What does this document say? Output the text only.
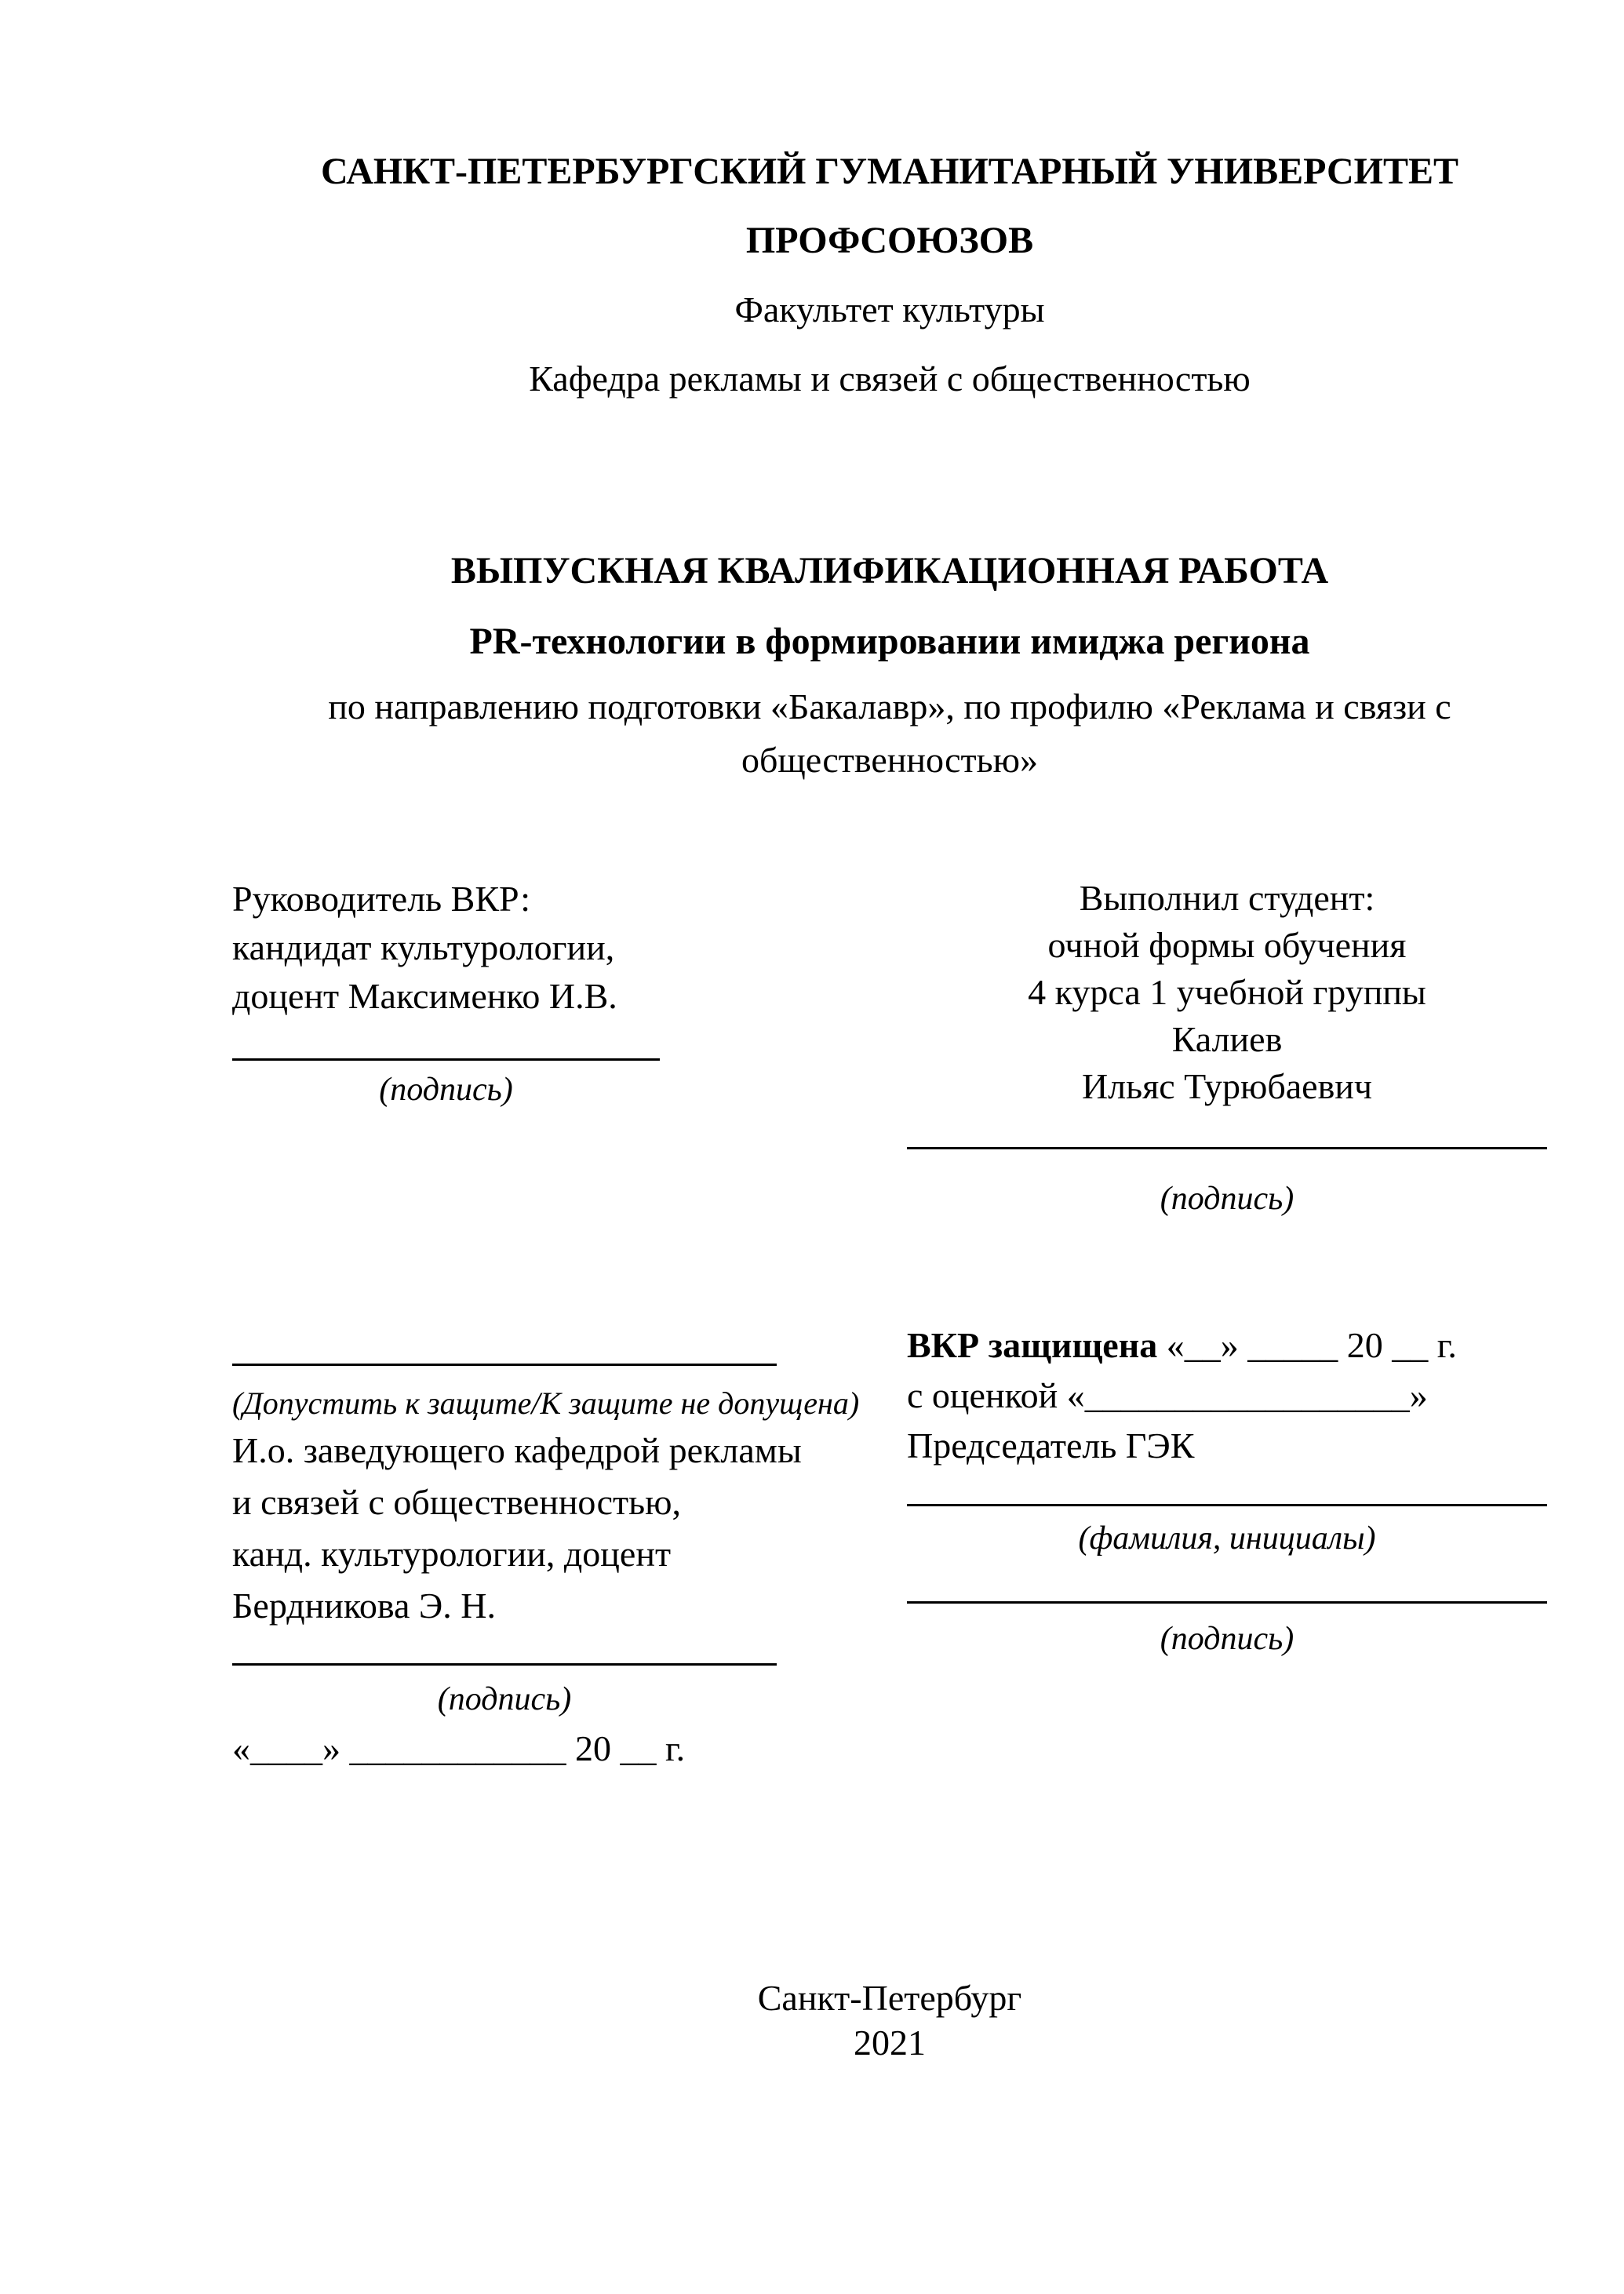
САНКТ-ПЕТЕРБУРГСКИЙ ГУМАНИТАРНЫЙ УНИВЕРСИТЕТ

ПРОФСОЮЗОВ

Факультет культуры

Кафедра рекламы и связей с общественностью

ВЫПУСКНАЯ КВАЛИФИКАЦИОННАЯ РАБОТА

PR-технологии в формировании имиджа региона

по направлению подготовки «Бакалавр», по профилю «Реклама и связи с

общественностью»

Руководитель ВКР:

кандидат культурологии,

доцент Максименко И.В.

(подпись)

Выполнил студент:

очной формы обучения

4 курса 1 учебной группы

Калиев

Ильяс Турюбаевич

(подпись)

(Допустить к защите/К защите не допущена)

И.о. заведующего кафедрой рекламы

и связей с общественностью,

канд. культурологии, доцент

Бердникова Э. Н.

(подпись)

«____» ____________ 20 __ г.

ВКР защищена «__» _____ 20 __ г.

с оценкой «__________________»

Председатель ГЭК

(фамилия, инициалы)

(подпись)

Санкт-Петербург

2021
